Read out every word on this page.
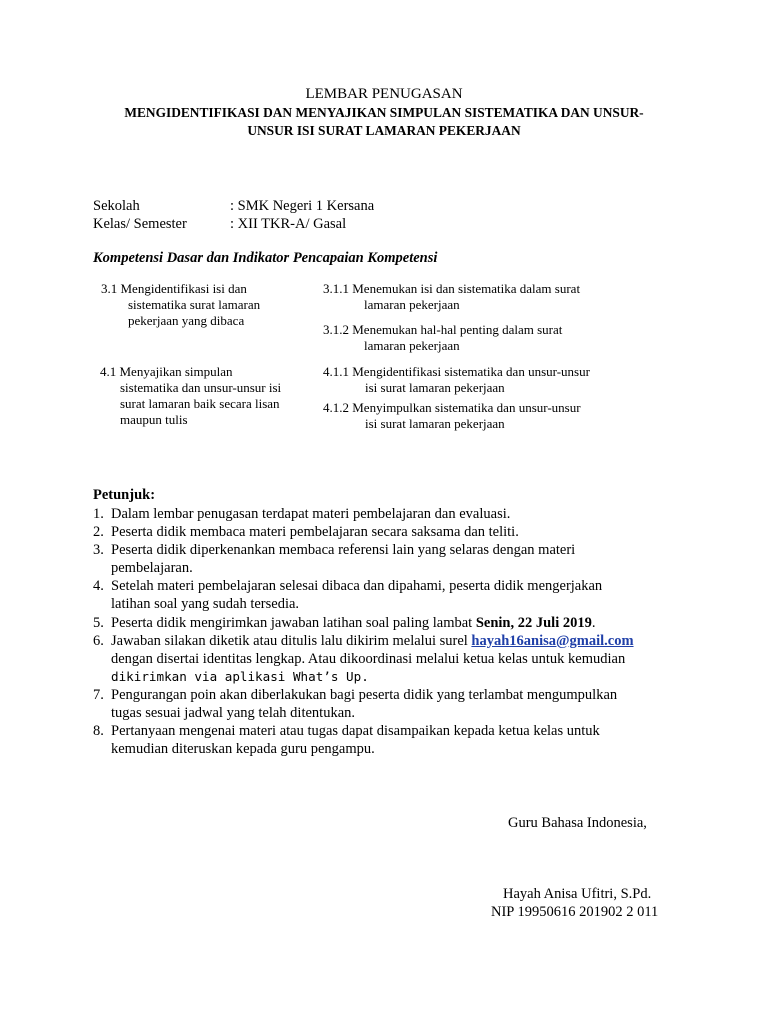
LEMBAR PENUGASAN
MENGIDENTIFIKASI DAN MENYAJIKAN SIMPULAN SISTEMATIKA DAN UNSUR-
UNSUR ISI SURAT LAMARAN PEKERJAAN
Sekolah	: SMK Negeri 1 Kersana
Kelas/ Semester	: XII TKR-A/ Gasal
Kompetensi Dasar dan Indikator Pencapaian Kompetensi
3.1 Mengidentifikasi isi dan
sistematika surat lamaran
pekerjaan yang dibaca
3.1.1 Menemukan isi dan sistematika dalam surat
lamaran pekerjaan
3.1.2 Menemukan hal-hal penting dalam surat
lamaran pekerjaan
4.1 Menyajikan simpulan
sistematika dan unsur-unsur isi
surat lamaran baik secara lisan
maupun tulis
4.1.1 Mengidentifikasi sistematika dan unsur-unsur
isi surat lamaran pekerjaan
4.1.2 Menyimpulkan sistematika dan unsur-unsur
isi surat lamaran pekerjaan
Petunjuk:
1. Dalam lembar penugasan terdapat materi pembelajaran dan evaluasi.
2. Peserta didik membaca materi pembelajaran secara saksama dan teliti.
3. Peserta didik diperkenankan membaca referensi lain yang selaras dengan materi
pembelajaran.
4. Setelah materi pembelajaran selesai dibaca dan dipahami, peserta didik mengerjakan
latihan soal yang sudah tersedia.
5. Peserta didik mengirimkan jawaban latihan soal paling lambat Senin, 22 Juli 2019.
6. Jawaban silakan diketik atau ditulis lalu dikirim melalui surel hayah16anisa@gmail.com
dengan disertai identitas lengkap. Atau dikoordinasi melalui ketua kelas untuk kemudian
dikirimkan via aplikasi What’s Up.
7. Pengurangan poin akan diberlakukan bagi peserta didik yang terlambat mengumpulkan
tugas sesuai jadwal yang telah ditentukan.
8. Pertanyaan mengenai materi atau tugas dapat disampaikan kepada ketua kelas untuk
kemudian diteruskan kepada guru pengampu.
Guru Bahasa Indonesia,
Hayah Anisa Ufitri, S.Pd.
NIP 19950616 201902 2 011
